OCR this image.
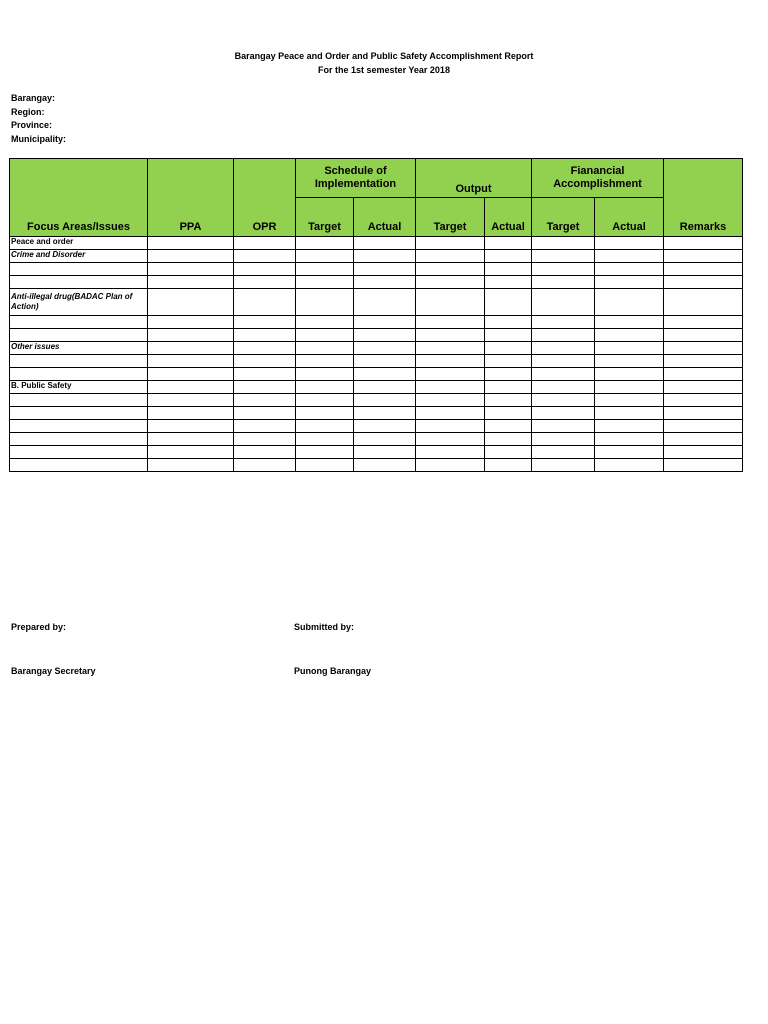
Barangay Peace and Order and Public Safety Accomplishment Report
For the 1st semester Year 2018
Barangay:
Region:
Province:
Municipality:
Focus Areas/Issues	PPA	OPR	Schedule of Implementation		Output		Fianancial Accomplishment		Remarks
			Target	Actual	Target	Actual	Target	Actual	
Peace and order									
Crime and Disorder									

Anti-illegal drug(BADAC Plan of Action)									

Other issues									

B. Public Safety									

Prepared by:	Submitted by:
Barangay Secretary	Punong Barangay
